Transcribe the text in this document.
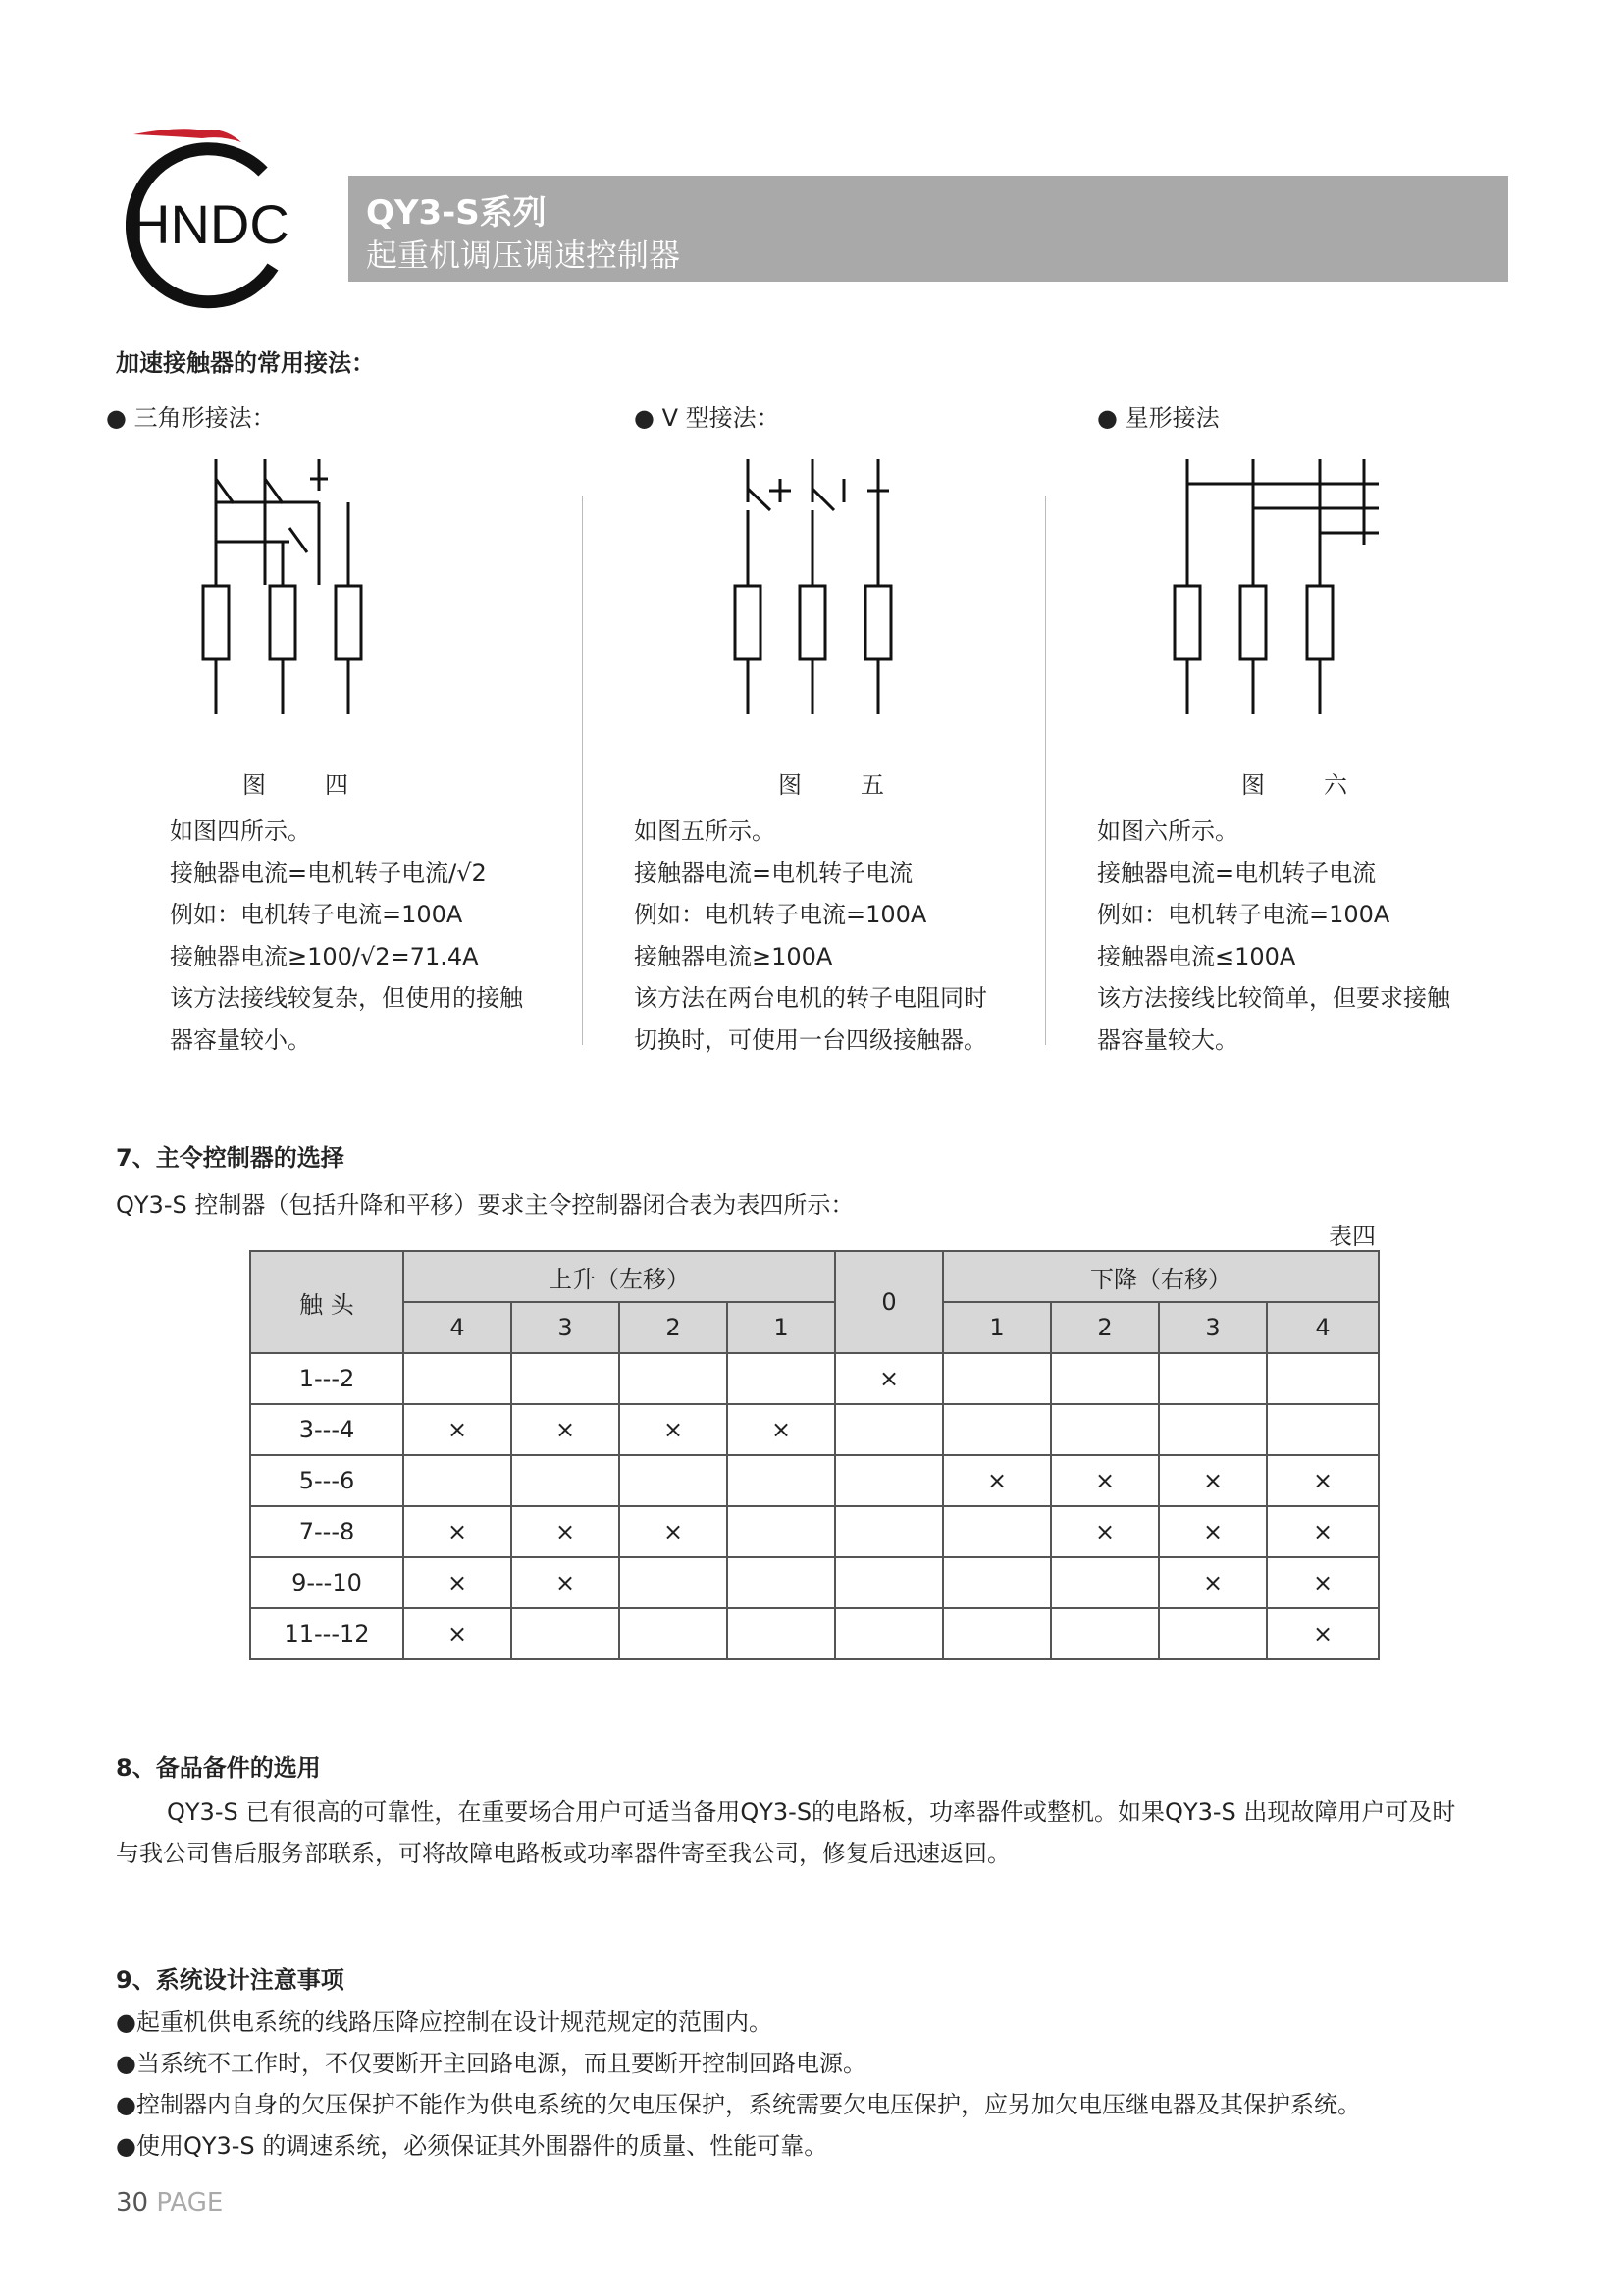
HNDC QY3-S系列
起重机调压调速控制器
加速接触器的常用接法：
● 三角形接法：
图　四
如图四所示。
接触器电流=电机转子电流/√2
例如：电机转子电流=100A
接触器电流≥100/√2=71.4A
该方法接线较复杂，但使用的接触
器容量较小。
● V 型接法：
图　五
如图五所示。
接触器电流=电机转子电流
例如：电机转子电流=100A
接触器电流≥100A
该方法在两台电机的转子电阻同时
切换时，可使用一台四级接触器。
● 星形接法
图　六
如图六所示。
接触器电流=电机转子电流
例如：电机转子电流=100A
接触器电流≤100A
该方法接线比较简单，但要求接触
器容量较大。
7、主令控制器的选择
QY3-S 控制器（包括升降和平移）要求主令控制器闭合表为表四所示：
表四
触 头	上升（左移）				0	下降（右移）			
	4	3	2	1		1	2	3	4
1---2					×				
3---4	×	×	×	×					
5---6						×	×	×	×
7---8	×	×	×				×	×	×
9---10	×	×						×	×
11---12	×								×
8、备品备件的选用
QY3-S 已有很高的可靠性，在重要场合用户可适当备用QY3-S的电路板，功率器件或整机。如果QY3-S 出现故障用户可及时
与我公司售后服务部联系，可将故障电路板或功率器件寄至我公司，修复后迅速返回。
9、系统设计注意事项
●起重机供电系统的线路压降应控制在设计规范规定的范围内。
●当系统不工作时，不仅要断开主回路电源，而且要断开控制回路电源。
●控制器内自身的欠压保护不能作为供电系统的欠电压保护，系统需要欠电压保护，应另加欠电压继电器及其保护系统。
●使用QY3-S 的调速系统，必须保证其外围器件的质量、性能可靠。
30 PAGE
